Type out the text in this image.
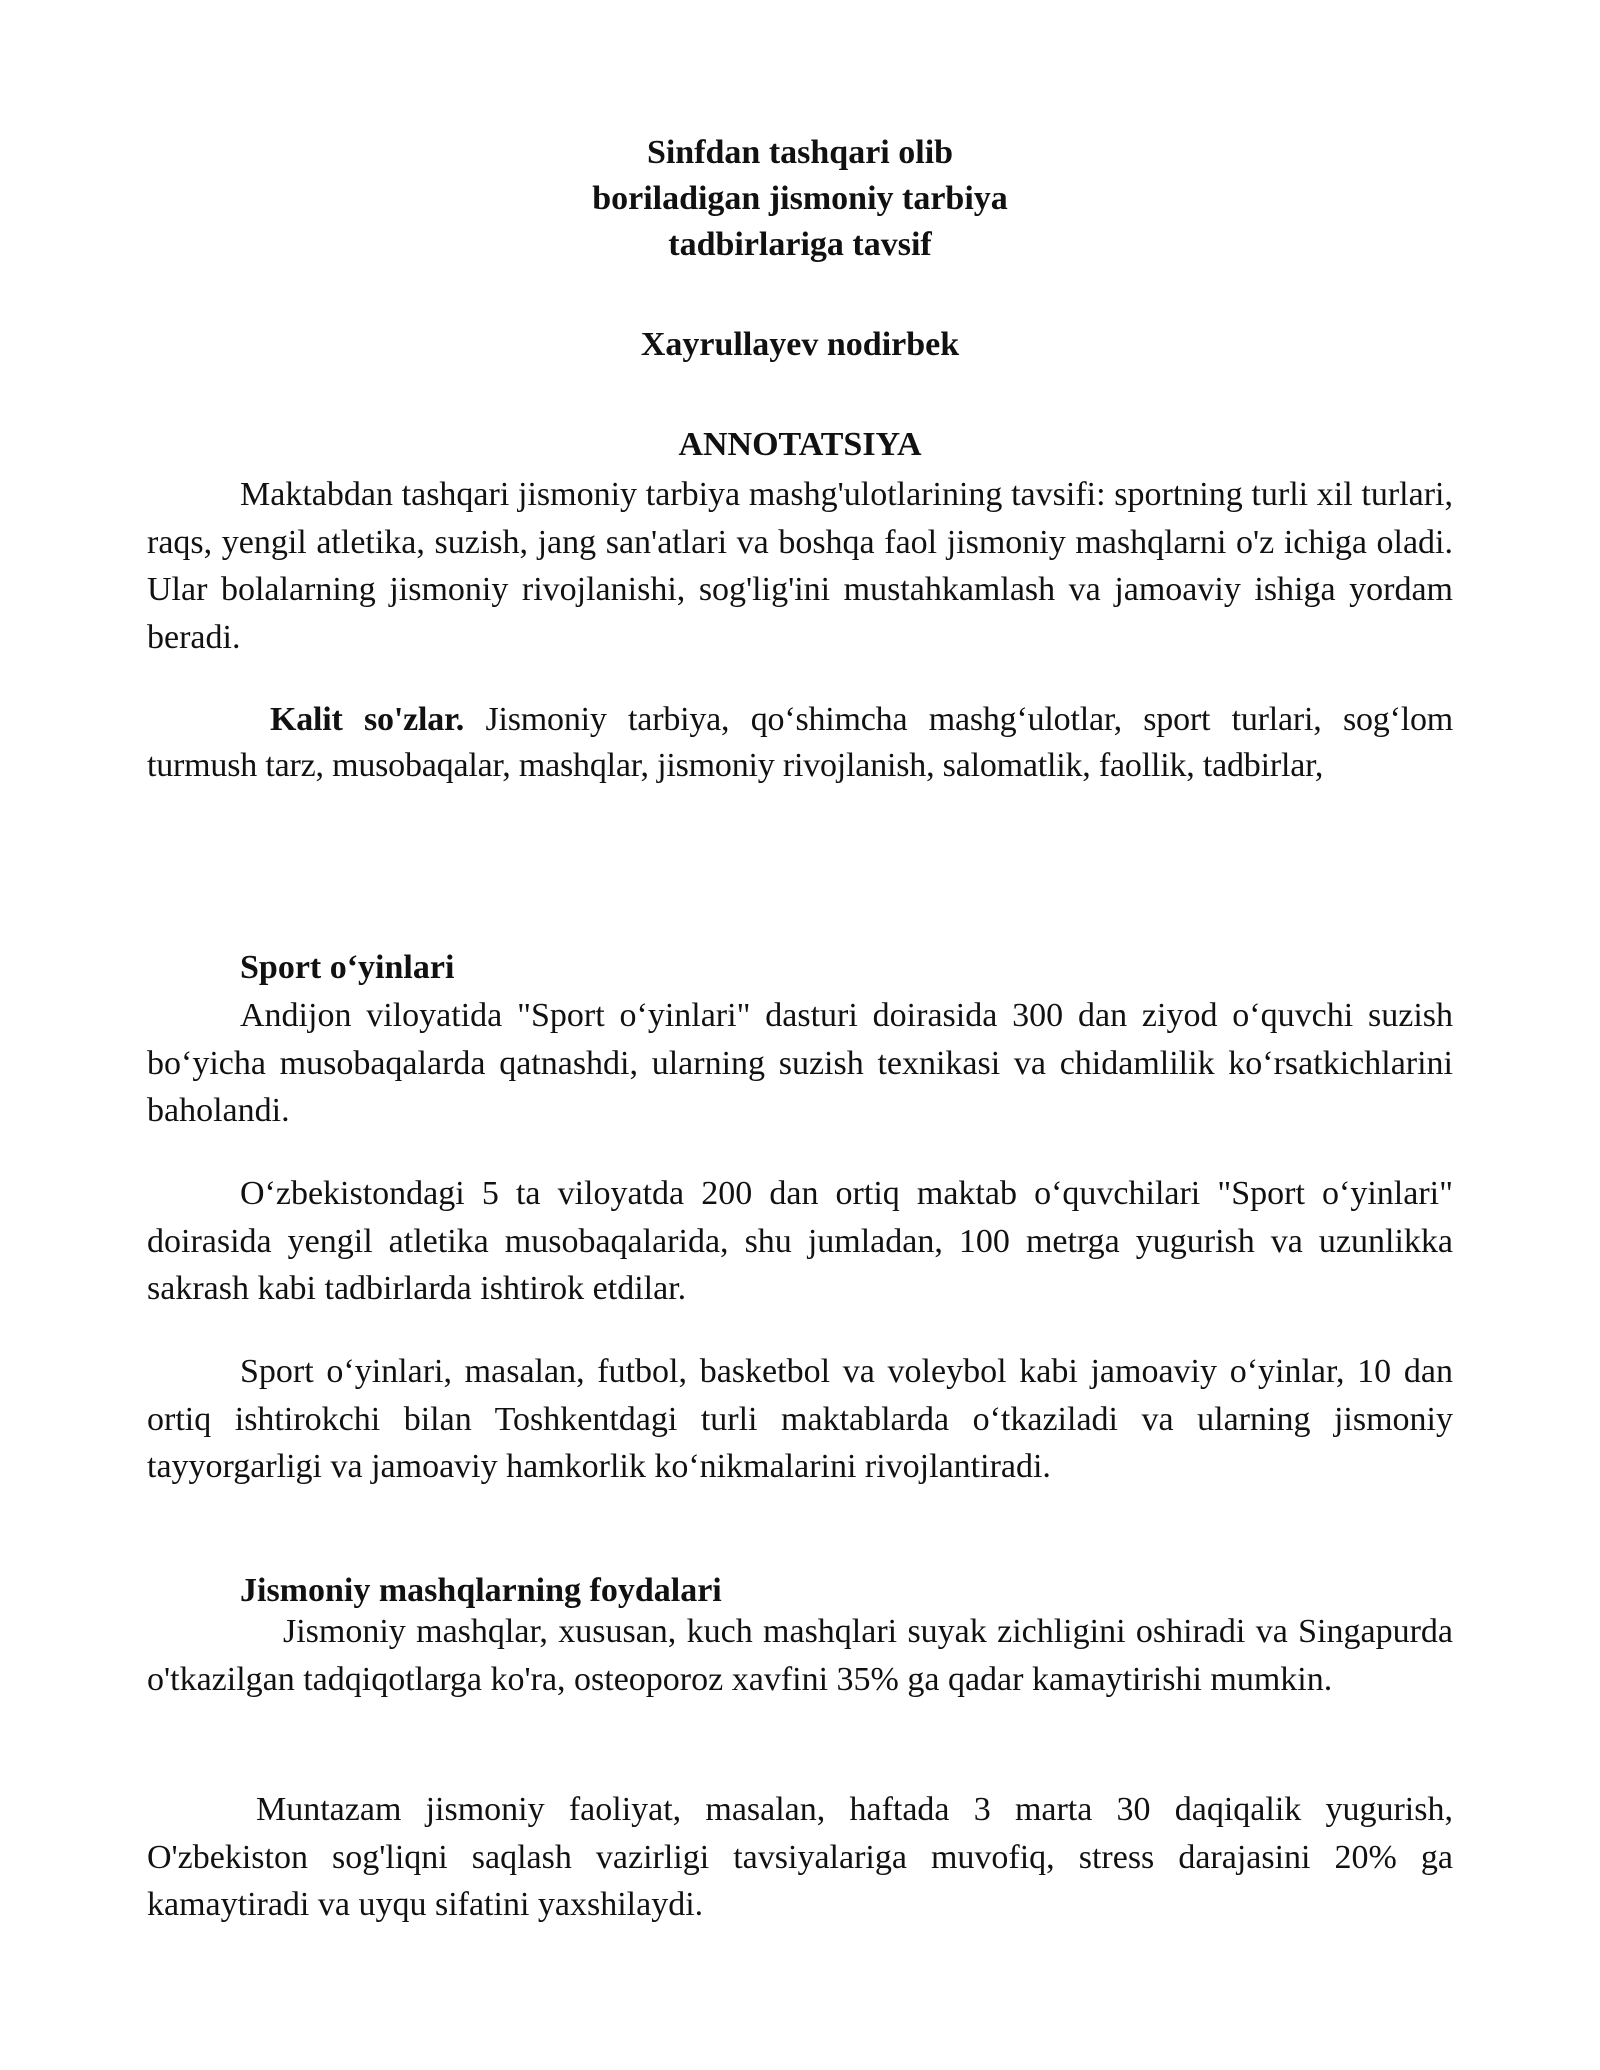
Sinfdan tashqari olib
boriladigan jismoniy tarbiya
tadbirlariga tavsif
Xayrullayev nodirbek
ANNOTATSIYA

Maktabdan tashqari jismoniy tarbiya mashg'ulotlarining tavsifi: sportning turli xil turlari, raqs, yengil atletika, suzish, jang san'atlari va boshqa faol jismoniy mashqlarni o'z ichiga oladi. Ular bolalarning jismoniy rivojlanishi, sog'lig'ini mustahkamlash va jamoaviy ishiga yordam beradi.

Kalit so'zlar. Jismoniy tarbiya, qo‘shimcha mashg‘ulotlar, sport turlari, sog‘lom turmush tarz, musobaqalar, mashqlar, jismoniy rivojlanish, salomatlik, faollik, tadbirlar,

Sport o‘yinlari

Andijon viloyatida "Sport o‘yinlari" dasturi doirasida 300 dan ziyod o‘quvchi suzish bo‘yicha musobaqalarda qatnashdi, ularning suzish texnikasi va chidamlilik ko‘rsatkichlarini baholandi.

O‘zbekistondagi 5 ta viloyatda 200 dan ortiq maktab o‘quvchilari "Sport o‘yinlari" doirasida yengil atletika musobaqalarida, shu jumladan, 100 metrga yugurish va uzunlikka sakrash kabi tadbirlarda ishtirok etdilar.

Sport o‘yinlari, masalan, futbol, basketbol va voleybol kabi jamoaviy o‘yinlar, 10 dan ortiq ishtirokchi bilan Toshkentdagi turli maktablarda o‘tkaziladi va ularning jismoniy tayyorgarligi va jamoaviy hamkorlik ko‘nikmalarini rivojlantiradi.

Jismoniy mashqlarning foydalari

Jismoniy mashqlar, xususan, kuch mashqlari suyak zichligini oshiradi va Singapurda o'tkazilgan tadqiqotlarga ko'ra, osteoporoz xavfini 35% ga qadar kamaytirishi mumkin.

Muntazam jismoniy faoliyat, masalan, haftada 3 marta 30 daqiqalik yugurish, O'zbekiston sog'liqni saqlash vazirligi tavsiyalariga muvofiq, stress darajasini 20% ga kamaytiradi va uyqu sifatini yaxshilaydi.
